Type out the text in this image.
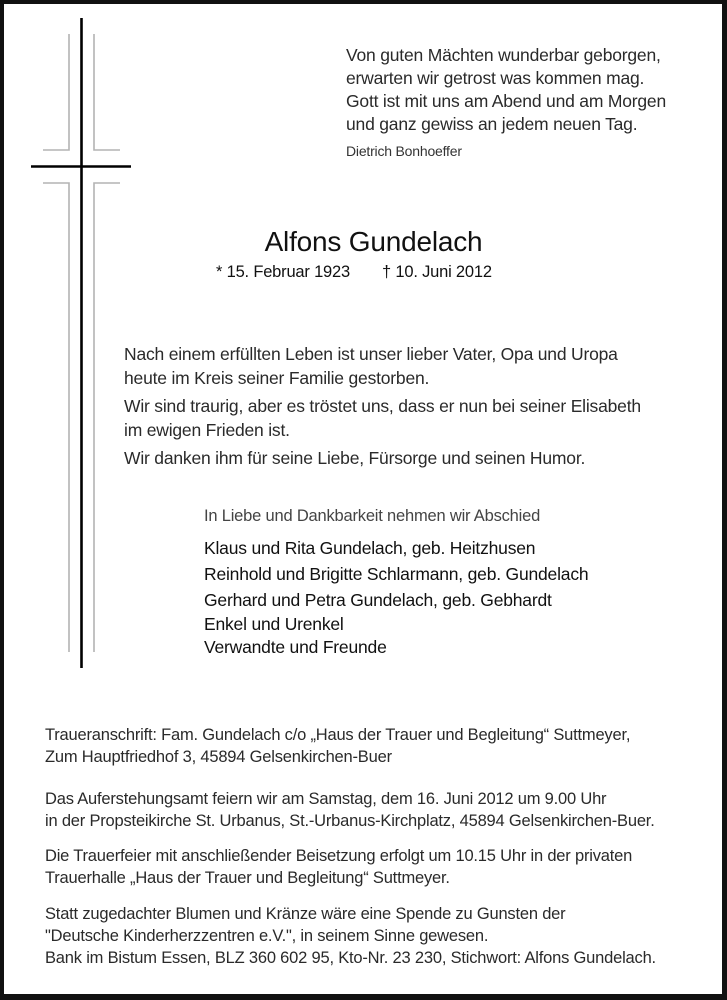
Von guten Mächten wunderbar geborgen,
erwarten wir getrost was kommen mag.
Gott ist mit uns am Abend und am Morgen
und ganz gewiss an jedem neuen Tag.
Dietrich Bonhoeffer
Alfons Gundelach
* 15. Februar 1923 † 10. Juni 2012
Nach einem erfüllten Leben ist unser lieber Vater, Opa und Uropa
heute im Kreis seiner Familie gestorben.
Wir sind traurig, aber es tröstet uns, dass er nun bei seiner Elisabeth
im ewigen Frieden ist.
Wir danken ihm für seine Liebe, Fürsorge und seinen Humor.
In Liebe und Dankbarkeit nehmen wir Abschied
Klaus und Rita Gundelach, geb. Heitzhusen
Reinhold und Brigitte Schlarmann, geb. Gundelach
Gerhard und Petra Gundelach, geb. Gebhardt
Enkel und Urenkel
Verwandte und Freunde
Traueranschrift: Fam. Gundelach c/o „Haus der Trauer und Begleitung“ Suttmeyer,
Zum Hauptfriedhof 3, 45894 Gelsenkirchen-Buer
Das Auferstehungsamt feiern wir am Samstag, dem 16. Juni 2012 um 9.00 Uhr
in der Propsteikirche St. Urbanus, St.-Urbanus-Kirchplatz, 45894 Gelsenkirchen-Buer.
Die Trauerfeier mit anschließender Beisetzung erfolgt um 10.15 Uhr in der privaten
Trauerhalle „Haus der Trauer und Begleitung“ Suttmeyer.
Statt zugedachter Blumen und Kränze wäre eine Spende zu Gunsten der
"Deutsche Kinderherzzentren e.V.", in seinem Sinne gewesen.
Bank im Bistum Essen, BLZ 360 602 95, Kto-Nr. 23 230, Stichwort: Alfons Gundelach.
